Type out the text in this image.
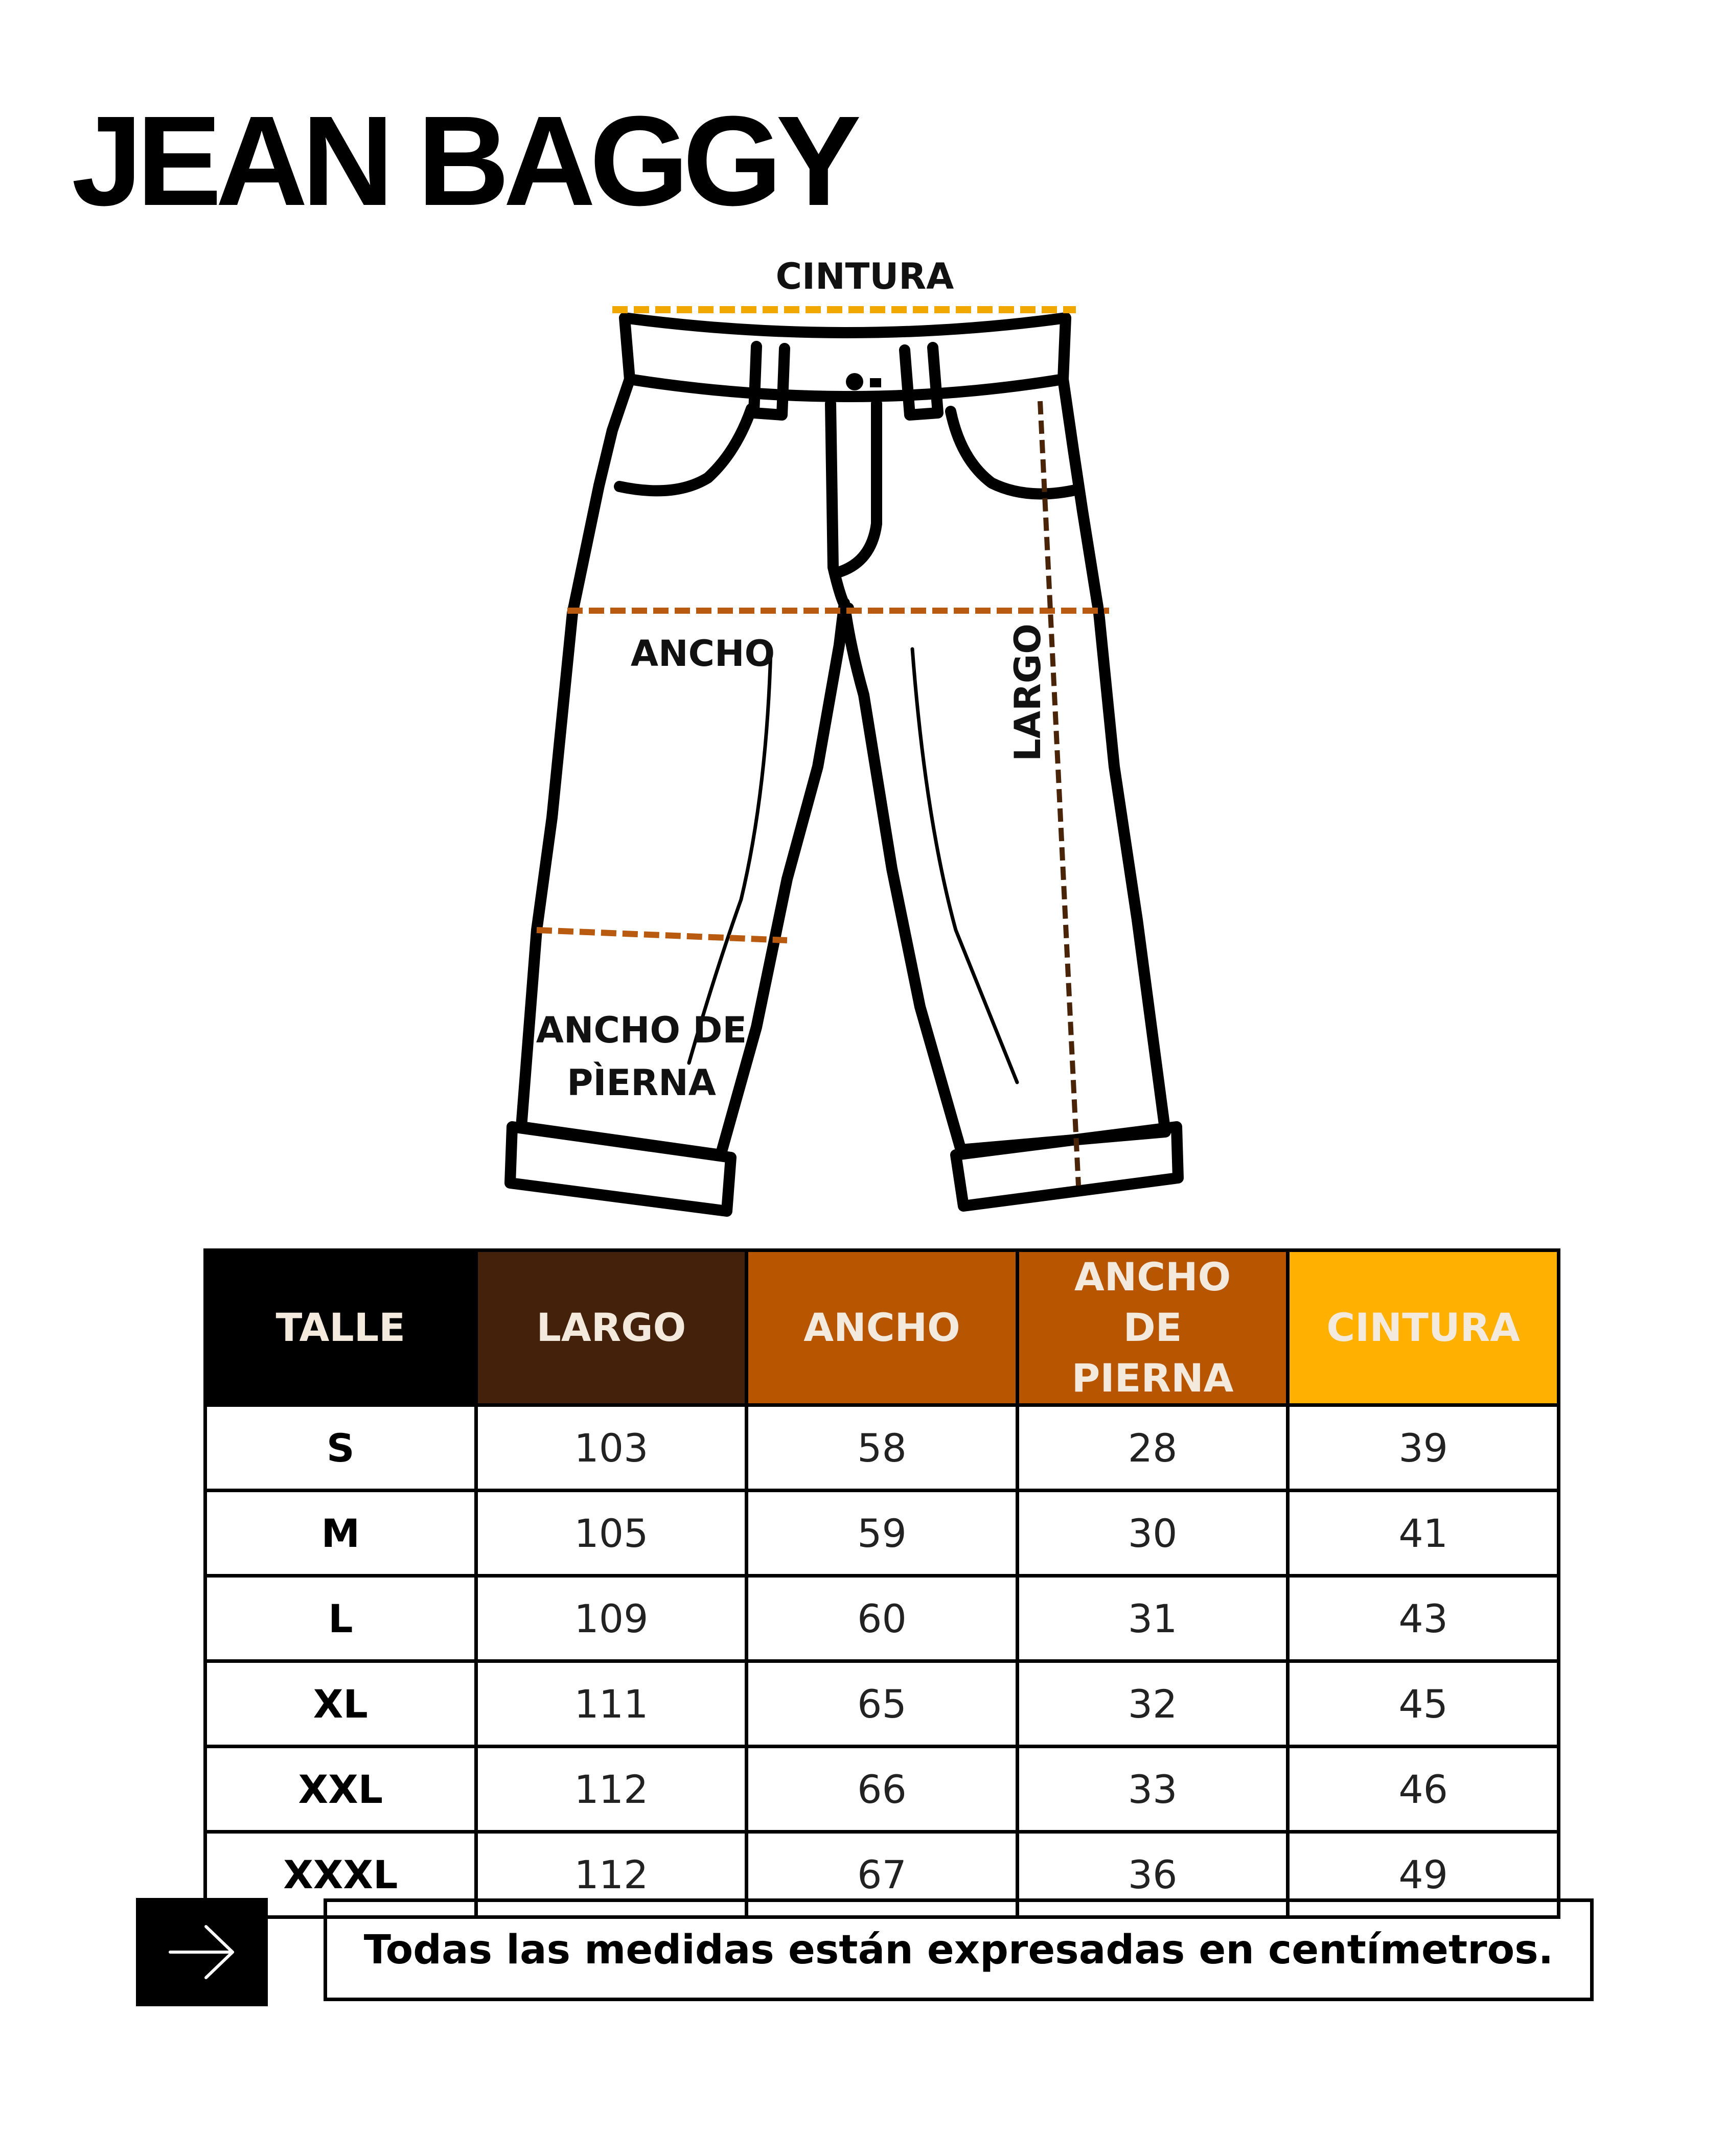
JEAN BAGGY
CINTURA
ANCHO	LARGO
ANCHO DE
PÌERNA
TALLE	LARGO	ANCHO	ANCHO DE PIERNA	CINTURA
S	103	58	28	39
M	105	59	30	41
L	109	60	31	43
XL	111	65	32	45
XXL	112	66	33	46
XXXL	112	67	36	49
Todas las medidas están expresadas en centímetros.
